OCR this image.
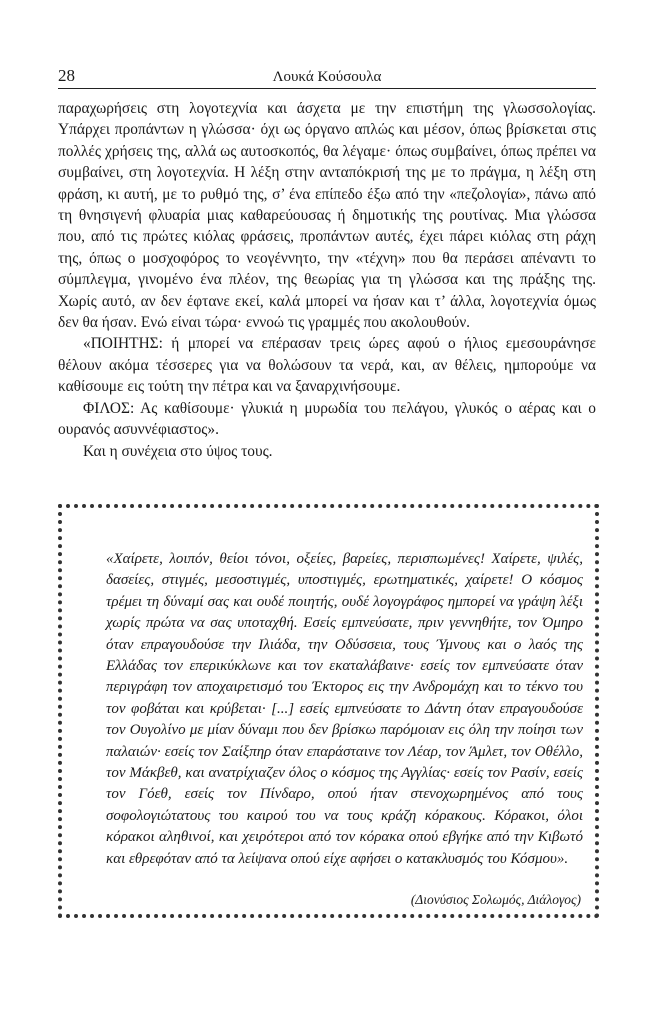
28	Λουκά Κούσουλα

παραχωρήσεις στη λογοτεχνία και άσχετα με την επιστήμη της γλωσσολογίας. Υπάρχει προπάντων η γλώσσα· όχι ως όργανο απλώς και μέσον, όπως βρίσκεται στις πολλές χρήσεις της, αλλά ως αυτοσκοπός, θα λέγαμε· όπως συμβαίνει, όπως πρέπει να συμβαίνει, στη λογοτεχνία. Η λέξη στην ανταπόκρισή της με το πράγμα, η λέξη στη φράση, κι αυτή, με το ρυθμό της, σ’ ένα επίπεδο έξω από την «πεζολογία», πάνω από τη θνησιγενή φλυαρία μιας καθαρεύουσας ή δημοτικής της ρουτίνας. Μια γλώσσα που, από τις πρώτες κιόλας φράσεις, προπάντων αυτές, έχει πάρει κιόλας στη ράχη της, όπως ο μοσχοφόρος το νεογέννητο, την «τέχνη» που θα περάσει απέναντι το σύμπλεγμα, γινομένο ένα πλέον, της θεωρίας για τη γλώσσα και της πράξης της. Χωρίς αυτό, αν δεν έφτανε εκεί, καλά μπορεί να ήσαν και τ’ άλλα, λογοτεχνία όμως δεν θα ήσαν. Ενώ είναι τώρα· εννοώ τις γραμμές που ακολουθούν.

«ΠΟΙΗΤΗΣ: ή μπορεί να επέρασαν τρεις ώρες αφού ο ήλιος εμεσουράνησε θέλουν ακόμα τέσσερες για να θολώσουν τα νερά, και, αν θέλεις, ημπορούμε να καθίσουμε εις τούτη την πέτρα και να ξαναρχινήσουμε.

ΦΙΛΟΣ: Ας καθίσουμε· γλυκιά η μυρωδία του πελάγου, γλυκός ο αέρας και ο ουρανός ασυννέφιαστος».

Και η συνέχεια στο ύψος τους.

«Χαίρετε, λοιπόν, θείοι τόνοι, οξείες, βαρείες, περισπωμένες! Χαίρετε, ψιλές, δασείες, στιγμές, μεσοστιγμές, υποστιγμές, ερωτηματικές, χαίρετε! Ο κόσμος τρέμει τη δύναμί σας και ουδέ ποιητής, ουδέ λογογράφος ημπορεί να γράψη λέξι χωρίς πρώτα να σας υποταχθή. Εσείς εμπνεύσατε, πριν γεννηθήτε, τον Όμηρο όταν επραγουδούσε την Ιλιάδα, την Οδύσσεια, τους Ύμνους και ο λαός της Ελλάδας τον επερικύκλωνε και τον εκαταλάβαινε· εσείς τον εμπνεύσατε όταν περιγράφη τον αποχαιρετισμό του Έκτορος εις την Ανδρομάχη και το τέκνο του τον φοβάται και κρύβεται· [...] εσείς εμπνεύσατε το Δάντη όταν επραγουδούσε τον Ουγολίνο με μίαν δύναμι που δεν βρίσκω παρόμοιαν εις όλη την ποίησι των παλαιών· εσείς τον Σαίξπηρ όταν επαράσταινε τον Λέαρ, τον Άμλετ, τον Οθέλλο, τον Μάκβεθ, και ανατρίχιαζεν όλος ο κόσμος της Αγγλίας· εσείς τον Ρασίν, εσείς τον Γόεθ, εσείς τον Πίνδαρο, οπού ήταν στενοχωρημένος από τους σοφολογιώτατους του καιρού του να τους κράζη κόρακους. Κόρακοι, όλοι κόρακοι αληθινοί, και χειρότεροι από τον κόρακα οπού εβγήκε από την Κιβωτό και εθρεφόταν από τα λείψανα οπού είχε αφήσει ο κατακλυσμός του Κόσμου».

(Διονύσιος Σολωμός, Διάλογος)
